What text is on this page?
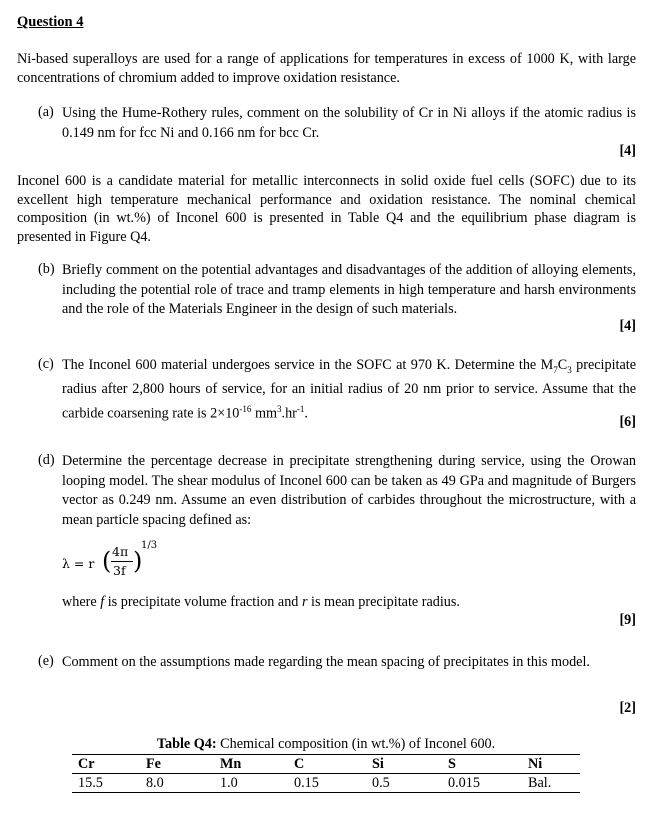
Question 4
Ni-based superalloys are used for a range of applications for temperatures in excess of 1000 K, with large concentrations of chromium added to improve oxidation resistance.
(a) Using the Hume-Rothery rules, comment on the solubility of Cr in Ni alloys if the atomic radius is 0.149 nm for fcc Ni and 0.166 nm for bcc Cr.
[4]
Inconel 600 is a candidate material for metallic interconnects in solid oxide fuel cells (SOFC) due to its excellent high temperature mechanical performance and oxidation resistance. The nominal chemical composition (in wt.%) of Inconel 600 is presented in Table Q4 and the equilibrium phase diagram is presented in Figure Q4.
(b) Briefly comment on the potential advantages and disadvantages of the addition of alloying elements, including the potential role of trace and tramp elements in high temperature and harsh environments and the role of the Materials Engineer in the design of such materials.
[4]
(c) The Inconel 600 material undergoes service in the SOFC at 970 K. Determine the $M_7C_3$ precipitate radius after 2,800 hours of service, for an initial radius of 20 nm prior to service. Assume that the carbide coarsening rate is $2\times 10^{-16}$ $mm^3.hr^{-1}$.
[6]
(d) Determine the percentage decrease in precipitate strengthening during service, using the Orowan looping model. The shear modulus of Inconel 600 can be taken as 49 GPa and magnitude of Burgers vector as 0.249 nm. Assume an even distribution of carbides throughout the microstructure, with a mean particle spacing defined as:
λ = r ( 4π
3f )
1/3
where f is precipitate volume fraction and r is mean precipitate radius.
[9]
(e) Comment on the assumptions made regarding the mean spacing of precipitates in this model.
[2]
Table Q4: Chemical composition (in wt.%) of Inconel 600.
Cr	Fe	Mn	C	Si	S	Ni
15.5	8.0	1.0	0.15	0.5	0.015	Bal.
